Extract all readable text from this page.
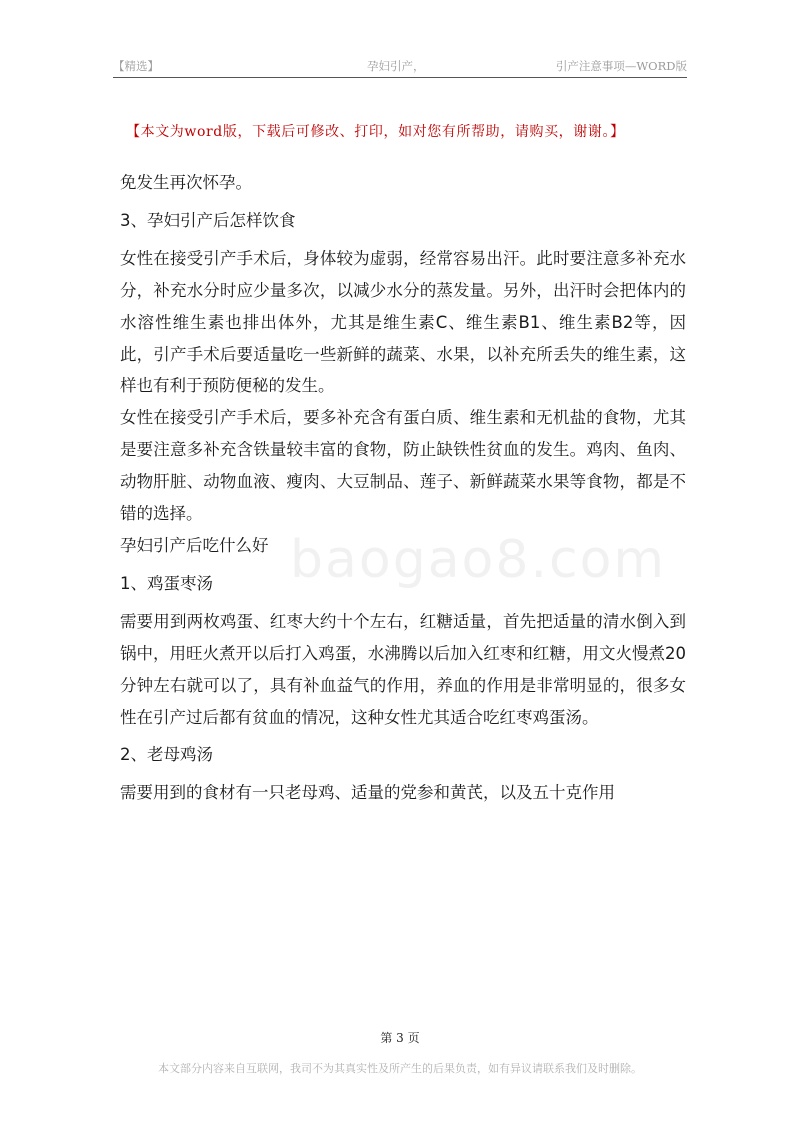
【精选】	孕妇引产，	引产注意事项—WORD版
【本文为word版，下载后可修改、打印，如对您有所帮助，请购买，谢谢。】

免发生再次怀孕。

3、孕妇引产后怎样饮食

女性在接受引产手术后，身体较为虚弱，经常容易出汗。此时要注意多补充水分，补充水分时应少量多次，以减少水分的蒸发量。另外，出汗时会把体内的水溶性维生素也排出体外，尤其是维生素C、维生素B1、维生素B2等，因此，引产手术后要适量吃一些新鲜的蔬菜、水果，以补充所丢失的维生素，这样也有利于预防便秘的发生。

女性在接受引产手术后，要多补充含有蛋白质、维生素和无机盐的食物，尤其是要注意多补充含铁量较丰富的食物，防止缺铁性贫血的发生。鸡肉、鱼肉、动物肝脏、动物血液、瘦肉、大豆制品、莲子、新鲜蔬菜水果等食物，都是不错的选择。

孕妇引产后吃什么好

1、鸡蛋枣汤

需要用到两枚鸡蛋、红枣大约十个左右，红糖适量，首先把适量的清水倒入到锅中，用旺火煮开以后打入鸡蛋，水沸腾以后加入红枣和红糖，用文火慢煮20分钟左右就可以了，具有补血益气的作用，养血的作用是非常明显的，很多女性在引产过后都有贫血的情况，这种女性尤其适合吃红枣鸡蛋汤。

2、老母鸡汤

需要用到的食材有一只老母鸡、适量的党参和黄芪，以及五十克作用

baogao8.com
第 3 页
本文部分内容来自互联网，我司不为其真实性及所产生的后果负责，如有异议请联系我们及时删除。
